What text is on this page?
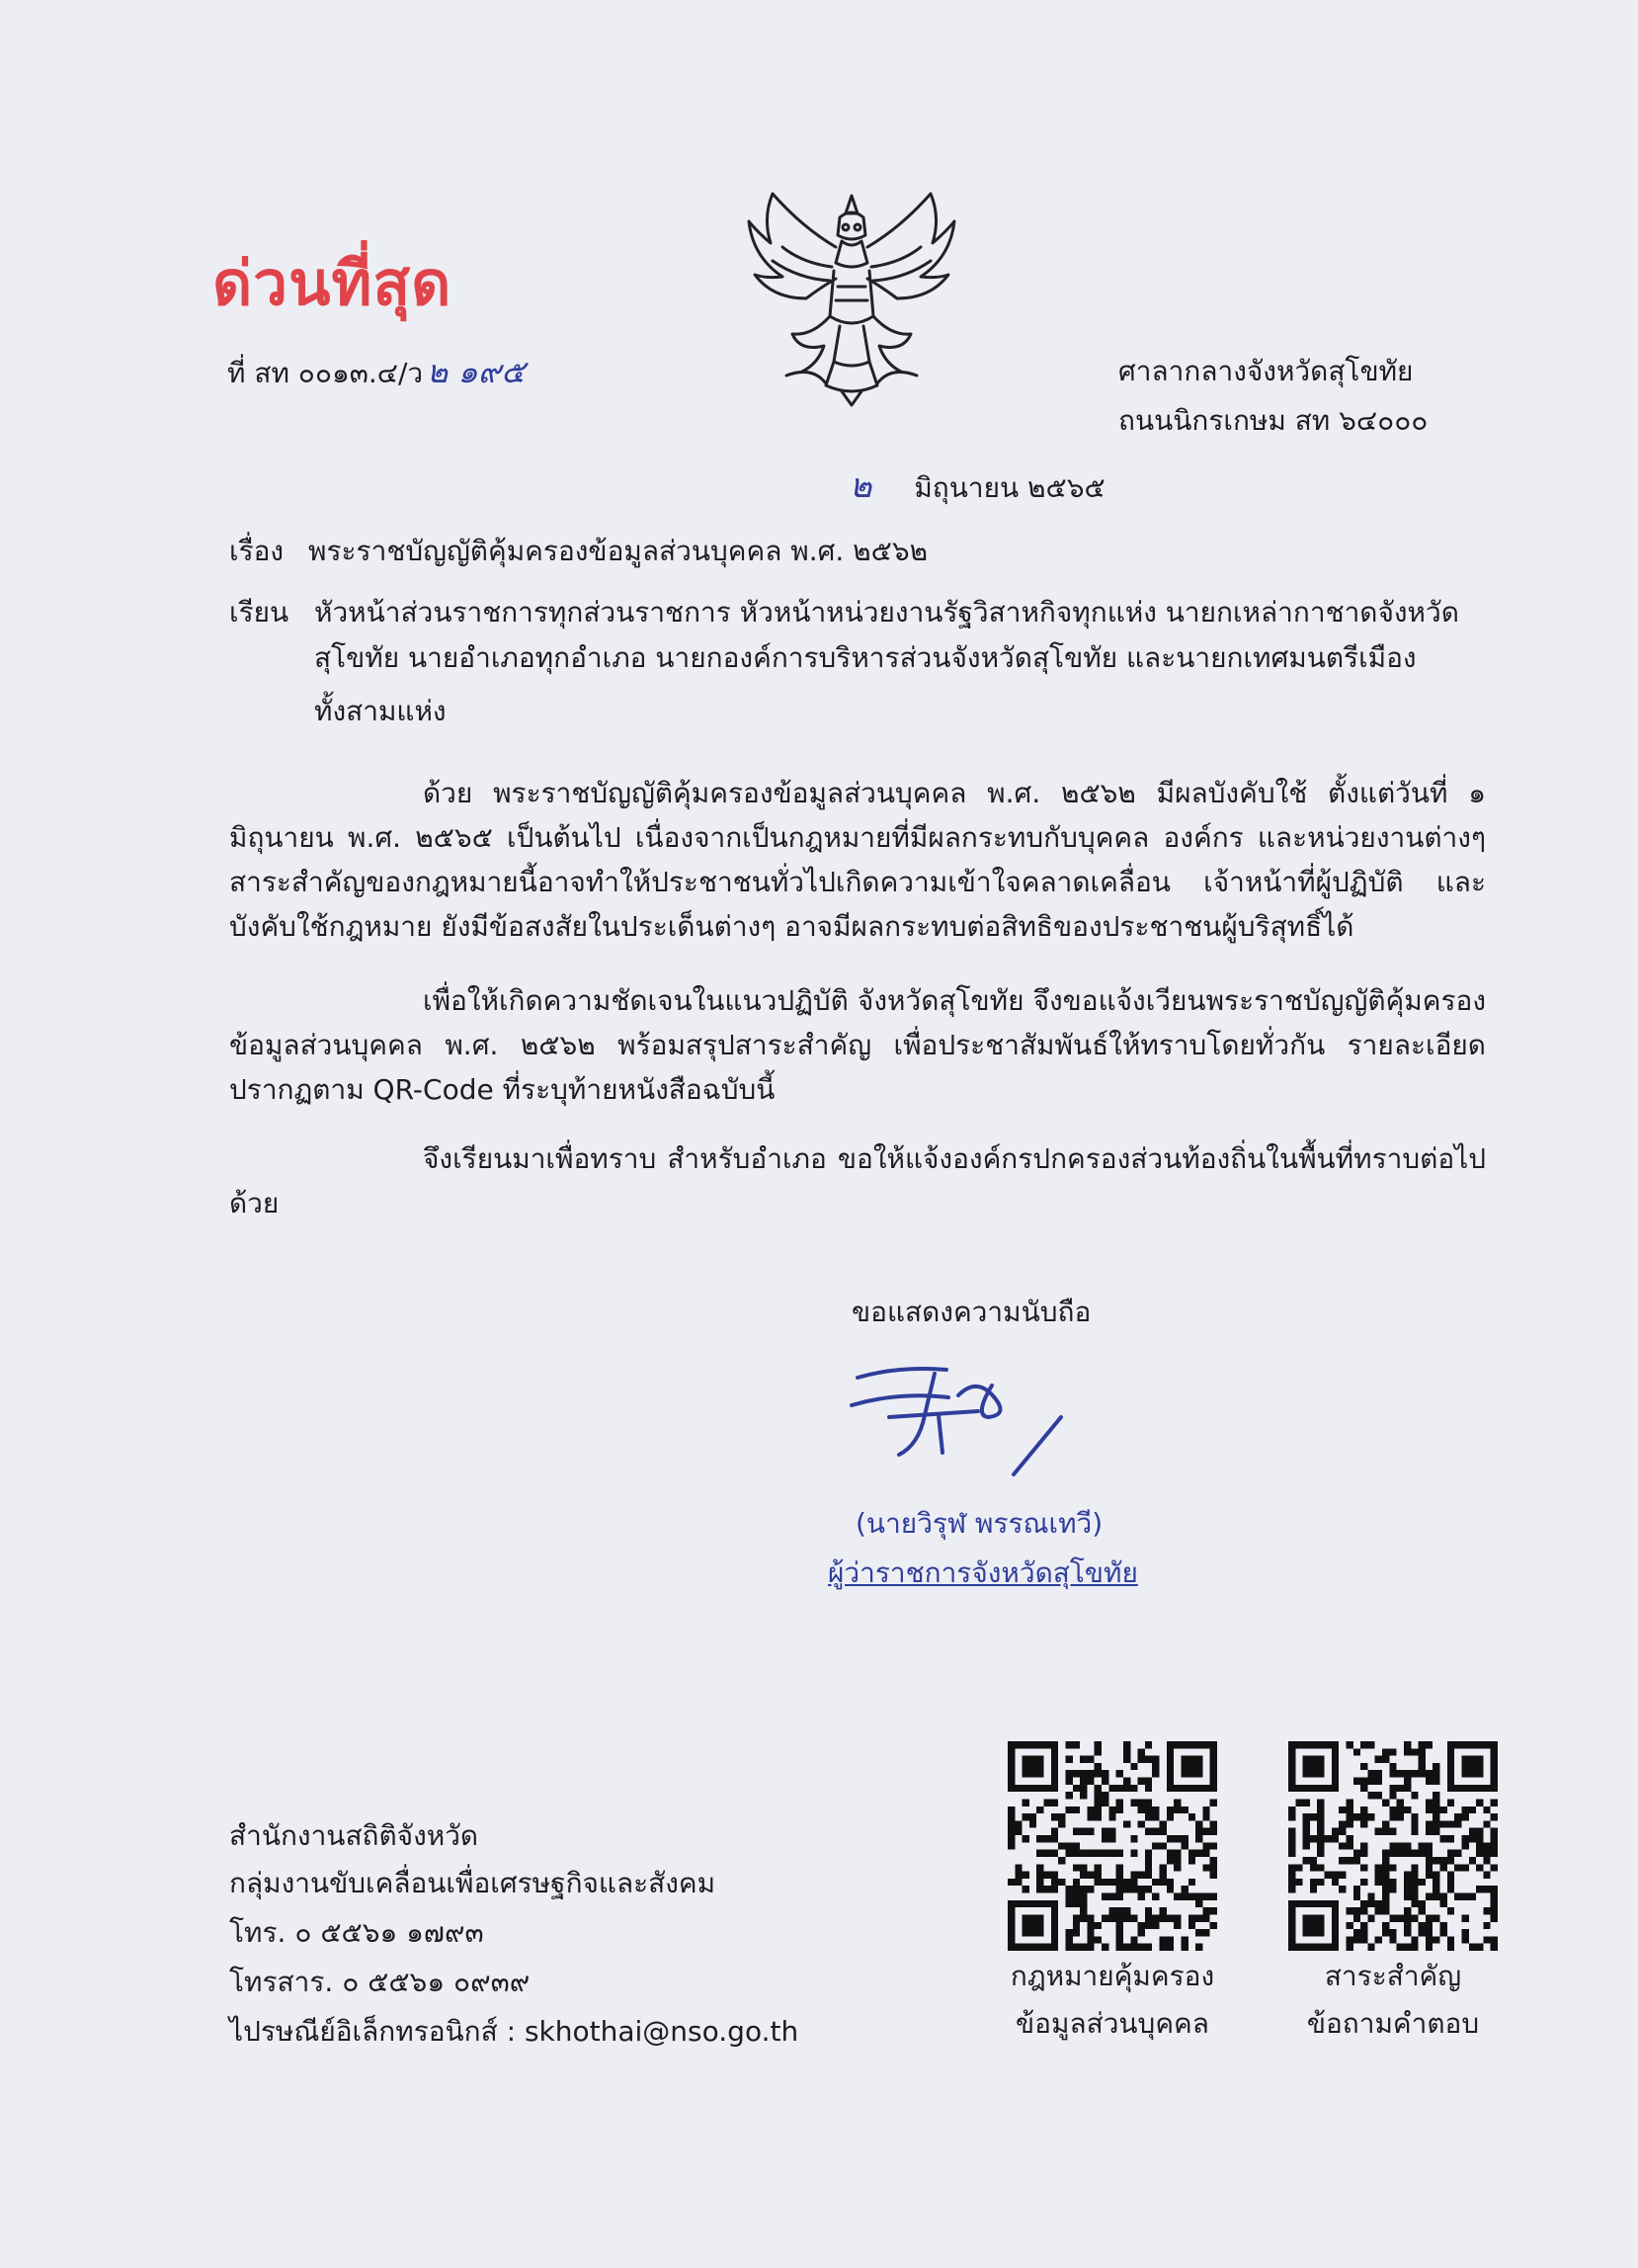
ด่วนที่สุด
ที่ สท ๐๐๑๓.๔/ว ๒ ๑๙๕	ศาลากลางจังหวัดสุโขทัย
ถนนนิกรเกษม สท ๖๔๐๐๐
๒ มิถุนายน ๒๕๖๕
เรื่อง พระราชบัญญัติคุ้มครองข้อมูลส่วนบุคคล พ.ศ. ๒๕๖๒
เรียน หัวหน้าส่วนราชการทุกส่วนราชการ หัวหน้าหน่วยงานรัฐวิสาหกิจทุกแห่ง นายกเหล่ากาชาดจังหวัด
สุโขทัย นายอำเภอทุกอำเภอ นายกองค์การบริหารส่วนจังหวัดสุโขทัย และนายกเทศมนตรีเมือง
ทั้งสามแห่ง
ด้วย พระราชบัญญัติคุ้มครองข้อมูลส่วนบุคคล พ.ศ. ๒๕๖๒ มีผลบังคับใช้ ตั้งแต่วันที่ ๑ มิถุนายน พ.ศ. ๒๕๖๕ เป็นต้นไป เนื่องจากเป็นกฎหมายที่มีผลกระทบกับบุคคล องค์กร และหน่วยงานต่างๆ สาระสำคัญของกฎหมายนี้อาจทำให้ประชาชนทั่วไปเกิดความเข้าใจคลาดเคลื่อน เจ้าหน้าที่ผู้ปฏิบัติ และบังคับใช้กฎหมาย ยังมีข้อสงสัยในประเด็นต่างๆ อาจมีผลกระทบต่อสิทธิของประชาชนผู้บริสุทธิ์ได้
เพื่อให้เกิดความชัดเจนในแนวปฏิบัติ จังหวัดสุโขทัย จึงขอแจ้งเวียนพระราชบัญญัติคุ้มครองข้อมูลส่วนบุคคล พ.ศ. ๒๕๖๒ พร้อมสรุปสาระสำคัญ เพื่อประชาสัมพันธ์ให้ทราบโดยทั่วกัน รายละเอียดปรากฏตาม QR-Code ที่ระบุท้ายหนังสือฉบับนี้
จึงเรียนมาเพื่อทราบ สำหรับอำเภอ ขอให้แจ้งองค์กรปกครองส่วนท้องถิ่นในพื้นที่ทราบต่อไปด้วย
ขอแสดงความนับถือ
(นายวิรุฬ พรรณเทวี)
ผู้ว่าราชการจังหวัดสุโขทัย
สำนักงานสถิติจังหวัด
กลุ่มงานขับเคลื่อนเพื่อเศรษฐกิจและสังคม
โทร. ๐ ๕๕๖๑ ๑๗๙๓
โทรสาร. ๐ ๕๕๖๑ ๐๙๓๙
ไปรษณีย์อิเล็กทรอนิกส์ : skhothai@nso.go.th
กฎหมายคุ้มครอง
ข้อมูลส่วนบุคคล
สาระสำคัญ
ข้อถามคำตอบ
